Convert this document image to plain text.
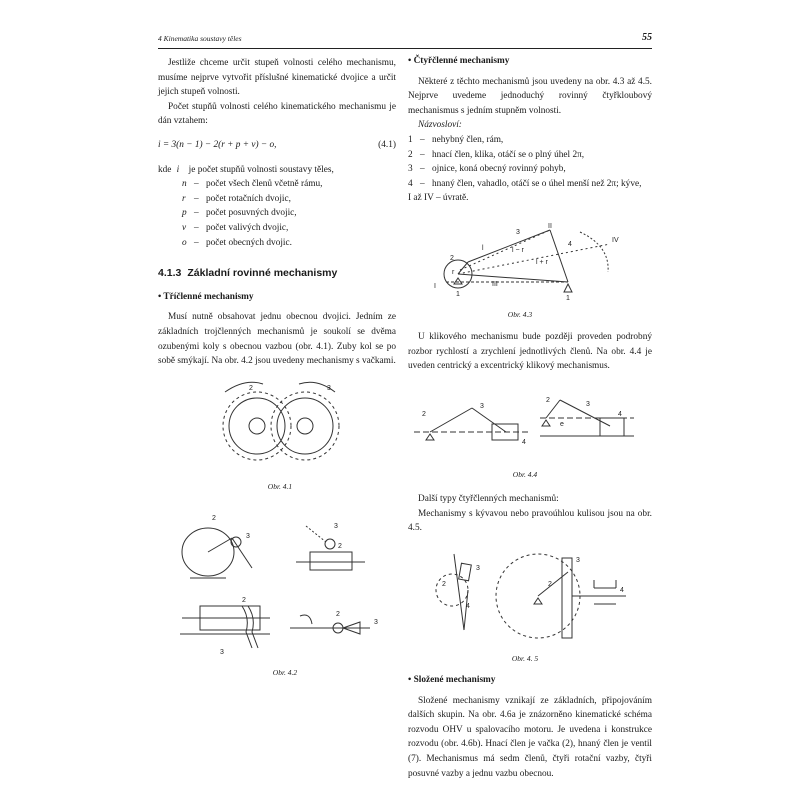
4 Kinematika soustavy těles	55

Jestliže chceme určit stupeň volnosti celého mechanismu, musíme nejprve vytvořit příslušné kinematické dvojice a určit jejich stupeň volnosti.

Počet stupňů volnosti celého kinematického mechanismu je dán vztahem:

i = 3(n − 1) − 2(r + p + v) − o,	(4.1)
kde
i	je počet stupňů volnosti soustavy těles,
n – počet všech členů včetně rámu,
r – počet rotačních dvojic,
p – počet posuvných dvojic,
v – počet valivých dvojic,
o – počet obecných dvojic.
4.1.3 Základní rovinné mechanismy

• Tříčlenné mechanismy

Musí nutně obsahovat jednu obecnou dvojici. Jedním ze základních trojčlenných mechanismů je soukolí se dvěma ozubenými koly s obecnou vazbou (obr. 4.1). Zuby kol se po sobě smýkají. Na obr. 4.2 jsou uvedeny mechanismy s vačkami.

2	3
Obr. 4.1
2
3
3
2
2
3
2
3
Obr. 4.2

• Čtyřčlenné mechanismy

Některé z těchto mechanismů jsou uvedeny na obr. 4.3 až 4.5. Nejprve uvedeme jednoduchý rovinný čtyřkloubový mechanismus s jedním stupněm volnosti.

Názvosloví:

1 – nehybný člen, rám,
2 – hnací člen, klika, otáčí se o plný úhel 2π,
3 – ojnice, koná obecný rovinný pohyb,
4 – hnaný člen, vahadlo, otáčí se o úhel menší než 2π; kýve,

I až IV – úvratě.

3
II
l
4
IV
2
r
III
I
1
1
l − r
l + r
Obr. 4.3

U klikového mechanismu bude později proveden podrobný rozbor rychlostí a zrychlení jednotlivých členů. Na obr. 4.4 je uveden centrický a excentrický klikový mechanismus.

2
3
4
2
3
e
4
Obr. 4.4

Další typy čtyřčlenných mechanismů:

Mechanismy s kývavou nebo pravoúhlou kulisou jsou na obr. 4.5.

3
2
4
3
2
4
Obr. 4. 5

• Složené mechanismy

Složené mechanismy vznikají ze základních, připojováním dalších skupin. Na obr. 4.6a je znázorněno kinematické schéma rozvodu OHV u spalovacího motoru. Je uvedena i konstrukce rozvodu (obr. 4.6b). Hnací člen je vačka (2), hnaný člen je ventil (7). Mechanismus má sedm členů, čtyři rotační vazby, čtyři posuvné vazby a jednu vazbu obecnou.
